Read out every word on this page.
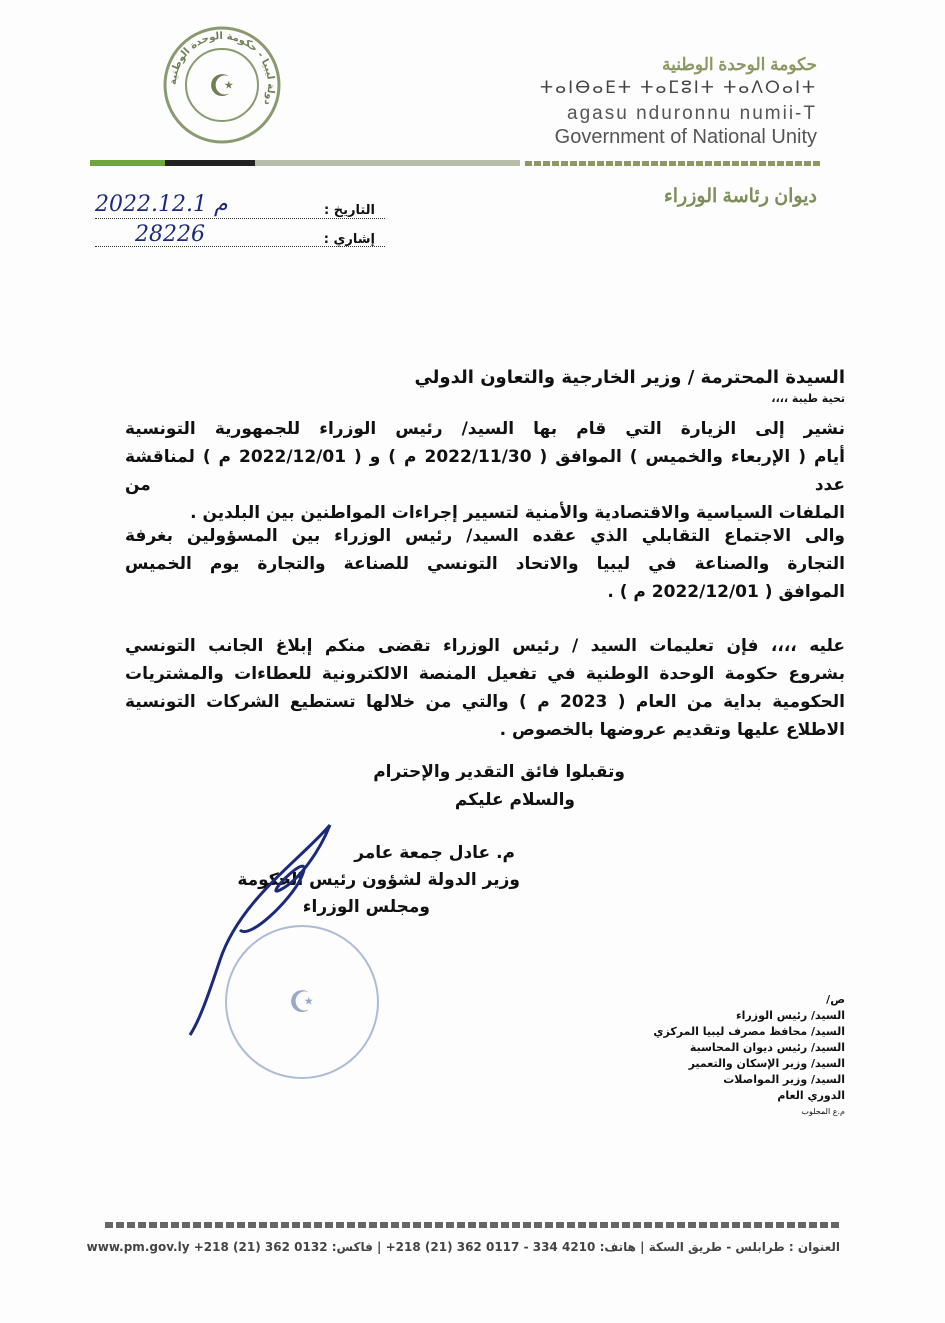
دولة ليبيا - حكومة الوحدة الوطنية
☪
حكومة الوحدة الوطنية
ⵜⴰⵏⴱⴰⴹⵜ ⵜⴰⵎⵓⵏⵜ ⵜⴰⴷⵔⴰⵏⵜ
agasu nduronnu numii-T
Government of National Unity
ديوان رئاسة الوزراء
التاريخ :
2022.12.1 م
إشاري :
28226
السيدة المحترمة / وزير الخارجية والتعاون الدولي
تحية طيبة ،،،،

نشير إلى الزيارة التي قام بها السيد/ رئيس الوزراء للجمهورية التونسية

أيام ( الإربعاء والخميس ) الموافق ( 2022/11/30 م ) و ( 2022/12/01 م ) لمناقشة عدد من

الملفات السياسية والاقتصادية والأمنية لتسيير إجراءات المواطنين بين البلدين .

والى الاجتماع التقابلي الذي عقده السيد/ رئيس الوزراء بين المسؤولين بغرفة

التجارة والصناعة في ليبيا والاتحاد التونسي للصناعة والتجارة يوم الخميس

الموافق ( 2022/12/01 م ) .

عليه ،،،، فإن تعليمات السيد / رئيس الوزراء تقضى منكم إبلاغ الجانب التونسي

بشروع حكومة الوحدة الوطنية في تفعيل المنصة الالكترونية للعطاءات والمشتريات

الحكومية بداية من العام ( 2023 م ) والتي من خلالها تستطيع الشركات التونسية

الاطلاع عليها وتقديم عروضها بالخصوص .

وتقبلوا فائق التقدير والإحترام
والسلام عليكم
م. عادل جمعة عامر
وزير الدولة لشؤون رئيس الحكومة
ومجلس الوزراء
☪	ص/
السيد/ رئيس الوزراء
السيد/ محافظ مصرف ليبيا المركزي
السيد/ رئيس ديوان المحاسبة
السيد/ وزير الإسكان والتعمير
السيد/ وزير المواصلات
الدوري العام
م.ع المجلوب
العنوان : طرابلس - طريق السكة | هاتف: 4210 334 - 0117 362 (21) 218+ | فاكس: 0132 362 (21) 218+ www.pm.gov.ly
